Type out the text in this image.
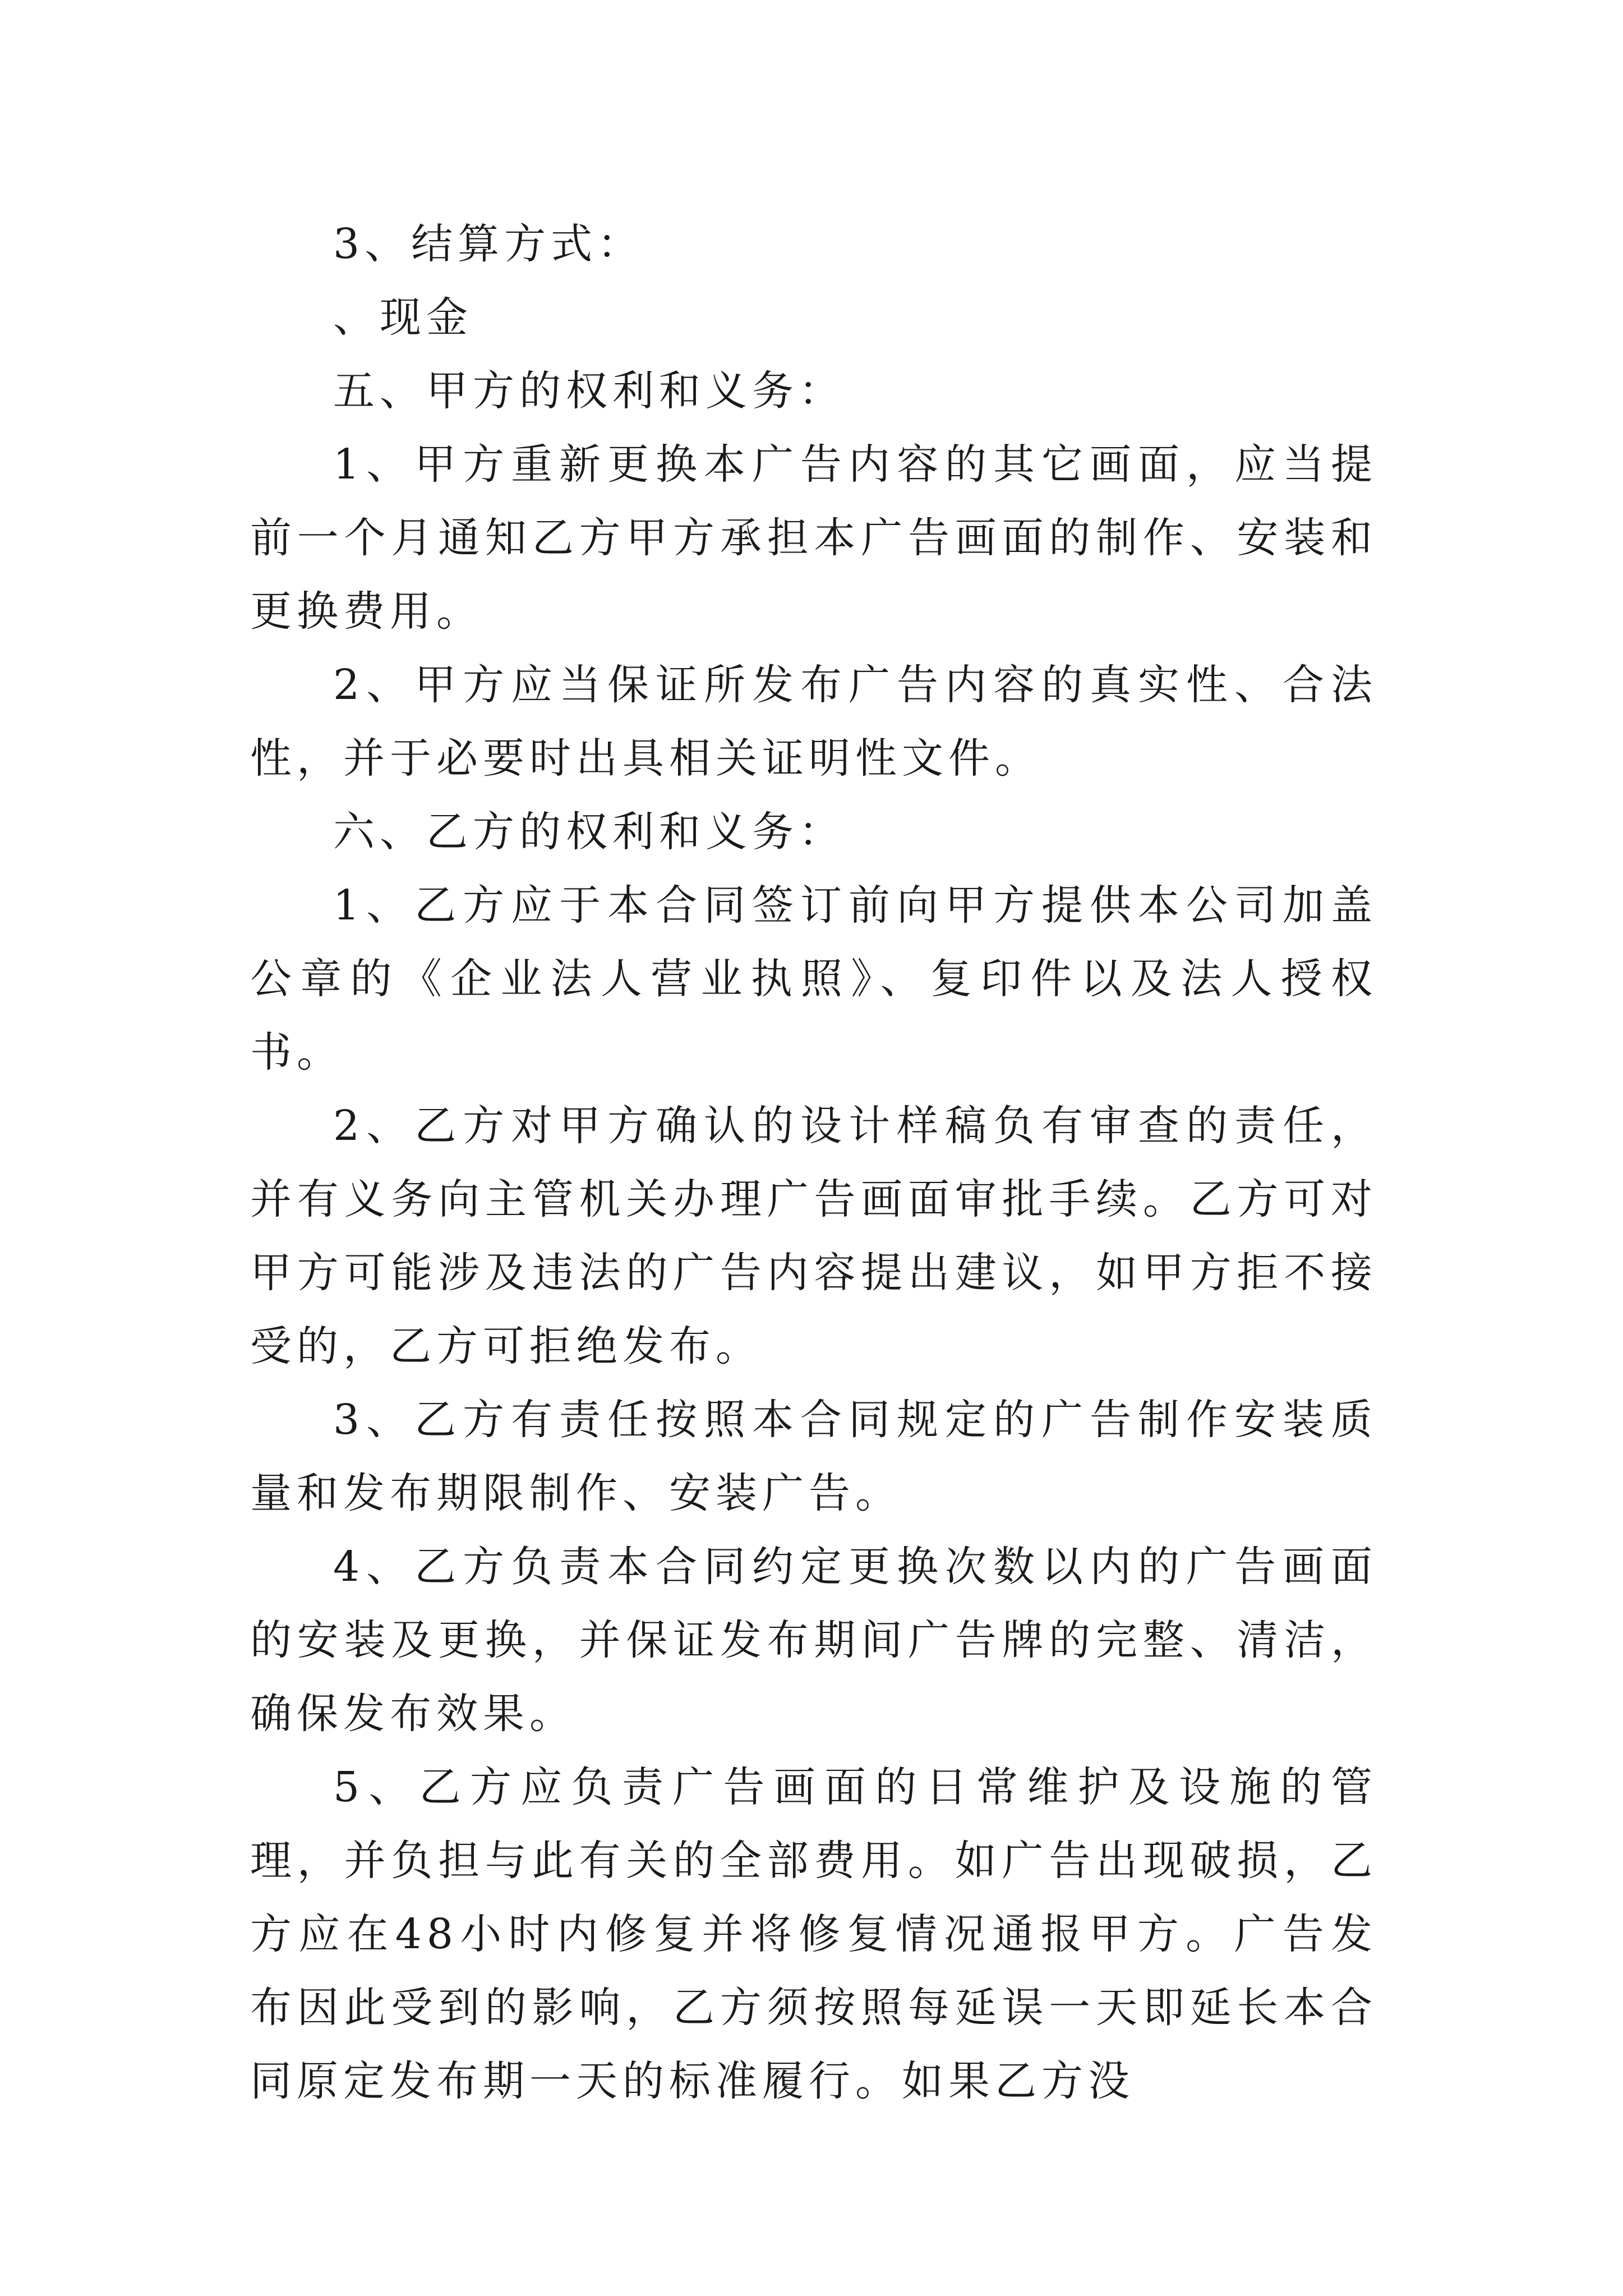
3、结算方式：

、现金

五、甲方的权利和义务：

1、甲方重新更换本广告内容的其它画面，应当提前一个月通知乙方甲方承担本广告画面的制作、安装和更换费用。

2、甲方应当保证所发布广告内容的真实性、合法性，并于必要时出具相关证明性文件。

六、乙方的权利和义务：

1、乙方应于本合同签订前向甲方提供本公司加盖公章的《企业法人营业执照》、复印件以及法人授权书。

2、乙方对甲方确认的设计样稿负有审查的责任，并有义务向主管机关办理广告画面审批手续。乙方可对甲方可能涉及违法的广告内容提出建议，如甲方拒不接受的，乙方可拒绝发布。

3、乙方有责任按照本合同规定的广告制作安装质量和发布期限制作、安装广告。

4、乙方负责本合同约定更换次数以内的广告画面的安装及更换，并保证发布期间广告牌的完整、清洁，确保发布效果。

5、乙方应负责广告画面的日常维护及设施的管理，并负担与此有关的全部费用。如广告出现破损，乙方应在48小时内修复并将修复情况通报甲方。广告发布因此受到的影响，乙方须按照每延误一天即延长本合同原定发布期一天的标准履行。如果乙方没
